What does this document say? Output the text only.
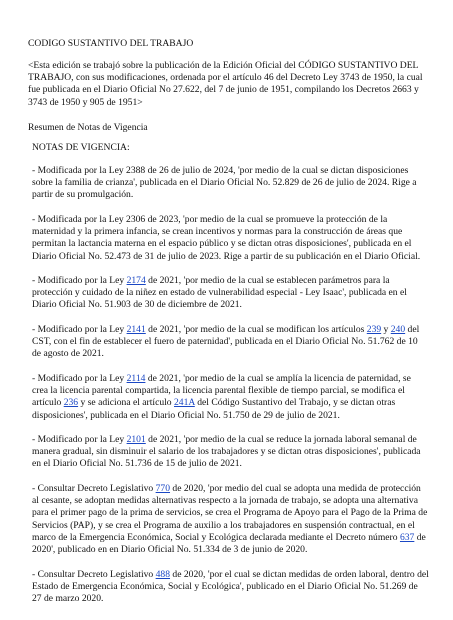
CODIGO SUSTANTIVO DEL TRABAJO

<Esta edición se trabajó sobre la publicación de la Edición Oficial del CÓDIGO SUSTANTIVO DEL TRABAJO, con sus modificaciones, ordenada por el artículo 46 del Decreto Ley 3743 de 1950, la cual fue publicada en el Diario Oficial No 27.622, del 7 de junio de 1951, compilando los Decretos 2663 y 3743 de 1950 y 905 de 1951>

Resumen de Notas de Vigencia

NOTAS DE VIGENCIA:

- Modificada por la Ley 2388 de 26 de julio de 2024, 'por medio de la cual se dictan disposiciones sobre la familia de crianza', publicada en el Diario Oficial No. 52.829 de 26 de julio de 2024. Rige a partir de su promulgación.

- Modificada por la Ley 2306 de 2023, 'por medio de la cual se promueve la protección de la maternidad y la primera infancia, se crean incentivos y normas para la construcción de áreas que permitan la lactancia materna en el espacio público y se dictan otras disposiciones', publicada en el Diario Oficial No. 52.473 de 31 de julio de 2023. Rige a partir de su publicación en el Diario Oficial.

- Modificado por la Ley 2174 de 2021, 'por medio de la cual se establecen parámetros para la protección y cuidado de la niñez en estado de vulnerabilidad especial - Ley Isaac', publicada en el Diario Oficial No. 51.903 de 30 de diciembre de 2021.

- Modificado por la Ley 2141 de 2021, 'por medio de la cual se modifican los artículos 239 y 240 del CST, con el fin de establecer el fuero de paternidad', publicada en el Diario Oficial No. 51.762 de 10 de agosto de 2021.

- Modificado por la Ley 2114 de 2021, 'por medio de la cual se amplía la licencia de paternidad, se crea la licencia parental compartida, la licencia parental flexible de tiempo parcial, se modifica el artículo 236 y se adiciona el artículo 241A del Código Sustantivo del Trabajo, y se dictan otras disposiciones', publicada en el Diario Oficial No. 51.750 de 29 de julio de 2021.

- Modificado por la Ley 2101 de 2021, 'por medio de la cual se reduce la jornada laboral semanal de manera gradual, sin disminuir el salario de los trabajadores y se dictan otras disposiciones', publicada en el Diario Oficial No. 51.736 de 15 de julio de 2021.

- Consultar Decreto Legislativo 770 de 2020, 'por medio del cual se adopta una medida de protección al cesante, se adoptan medidas alternativas respecto a la jornada de trabajo, se adopta una alternativa para el primer pago de la prima de servicios, se crea el Programa de Apoyo para el Pago de la Prima de Servicios (PAP), y se crea el Programa de auxilio a los trabajadores en suspensión contractual, en el marco de la Emergencia Económica, Social y Ecológica declarada mediante el Decreto número 637 de 2020', publicado en en Diario Oficial No. 51.334 de 3 de junio de 2020.

- Consultar Decreto Legislativo 488 de 2020, 'por el cual se dictan medidas de orden laboral, dentro del Estado de Emergencia Económica, Social y Ecológica', publicado en el Diario Oficial No. 51.269 de 27 de marzo 2020.
